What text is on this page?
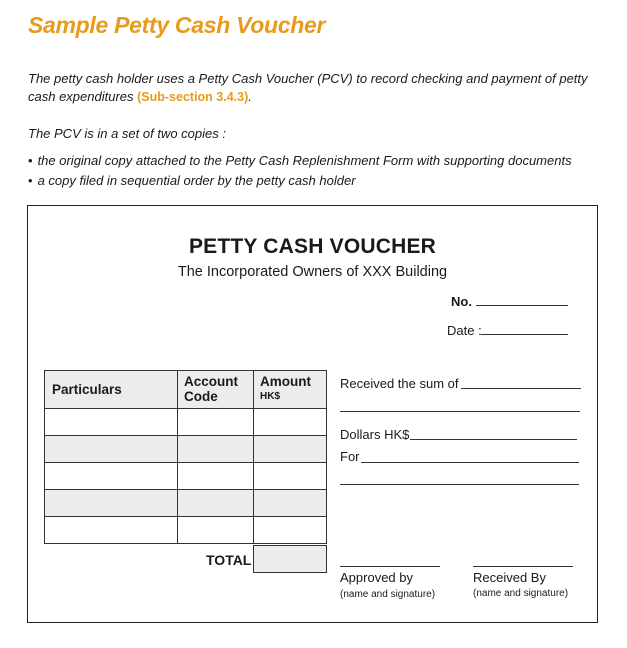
Sample Petty Cash Voucher

The petty cash holder uses a Petty Cash Voucher (PCV) to record checking and payment of petty cash expenditures (Sub-section 3.4.3).

The PCV is in a set of two copies :
• the original copy attached to the Petty Cash Replenishment Form with supporting documents
• a copy filed in sequential order by the petty cash holder
PETTY CASH VOUCHER
The Incorporated Owners of XXX Building
No.
Date :
Particulars
Account
Code
Amount
HK$
TOTAL
Received the sum of
Dollars HK$
For
Approved by
(name and signature)
Received By
(name and signature)
